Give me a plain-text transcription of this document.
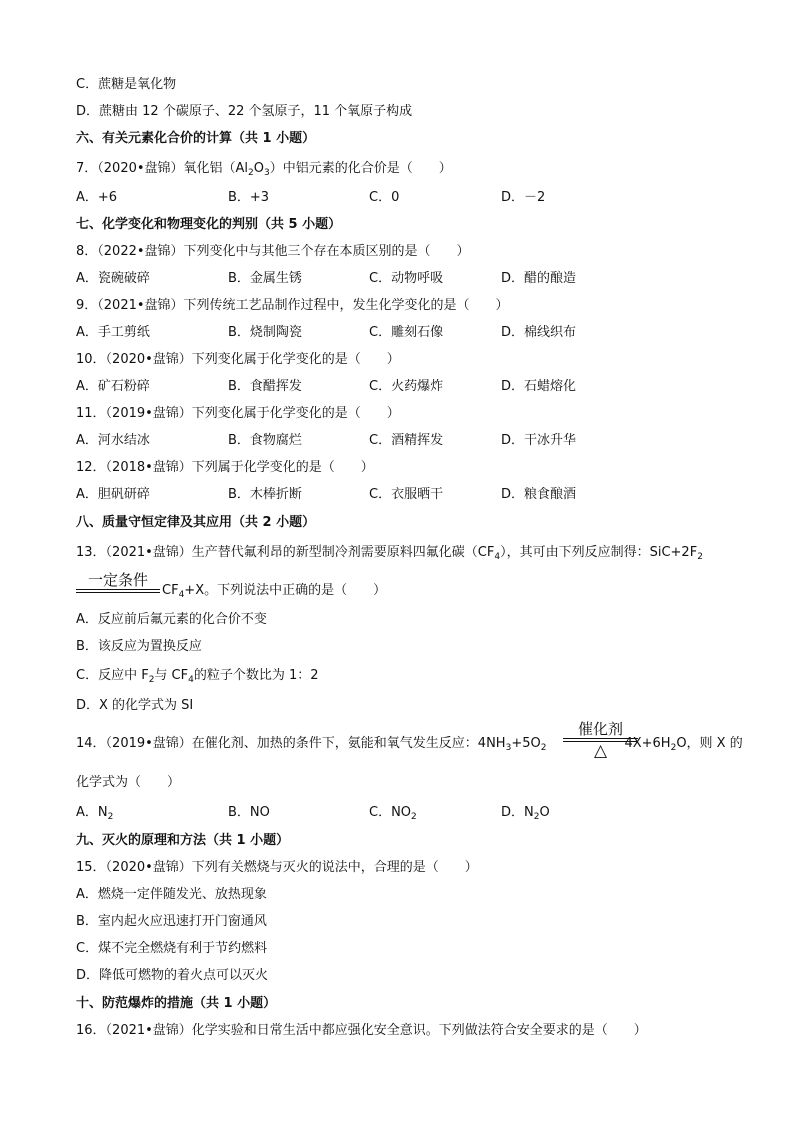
C．蔗糖是氧化物
D．蔗糖由 12 个碳原子、22 个氢原子，11 个氧原子构成
六、有关元素化合价的计算（共 1 小题）
7．（2020•盘锦）氧化铝$(Al_2O_3)$中铝元素的化合价是（　　）
A．+6	B．+3	C．0	D．－2
七、化学变化和物理变化的判别（共 5 小题）
8．（2022•盘锦）下列变化中与其他三个存在本质区别的是（　　）
A．瓷碗破碎	B．金属生锈	C．动物呼吸	D．醋的酿造
9．（2021•盘锦）下列传统工艺品制作过程中，发生化学变化的是（　　）
A．手工剪纸	B．烧制陶瓷	C．雕刻石像	D．棉线织布
10．（2020•盘锦）下列变化属于化学变化的是（　　）
A．矿石粉碎	B．食醋挥发	C．火药爆炸	D．石蜡熔化
11．（2019•盘锦）下列变化属于化学变化的是（　　）
A．河水结冰	B．食物腐烂	C．酒精挥发	D．干冰升华
12．（2018•盘锦）下列属于化学变化的是（　　）
A．胆矾研碎	B．木棒折断	C．衣服晒干	D．粮食酿酒
八、质量守恒定律及其应用（共 2 小题）
13．（2021•盘锦）生产替代氟利昂的新型制冷剂需要原料四氟化碳$(CF_4)$，其可由下列反应制得：$SiC+2F_2$
一定条件
$CF_4+X$。下列说法中正确的是（　　）
A．反应前后氟元素的化合价不变
B．该反应为置换反应
C．反应中 $F_2$与 $CF_4$的粒子个数比为 1：2
D．X 的化学式为 SI
14．（2019•盘锦）在催化剂、加热的条件下，氨能和氧气发生反应：$4NH_3+5O_2$	$4X+6H_2O$，则 X 的
催化剂
△
化学式为（　　）
A．$N_2$	B．NO	C．$NO_2$	D．$N_2O$
九、灭火的原理和方法（共 1 小题）
15．（2020•盘锦）下列有关燃烧与灭火的说法中，合理的是（　　）
A．燃烧一定伴随发光、放热现象
B．室内起火应迅速打开门窗通风
C．煤不完全燃烧有利于节约燃料
D．降低可燃物的着火点可以灭火
十、防范爆炸的措施（共 1 小题）
16．（2021•盘锦）化学实验和日常生活中都应强化安全意识。下列做法符合安全要求的是（　　）
